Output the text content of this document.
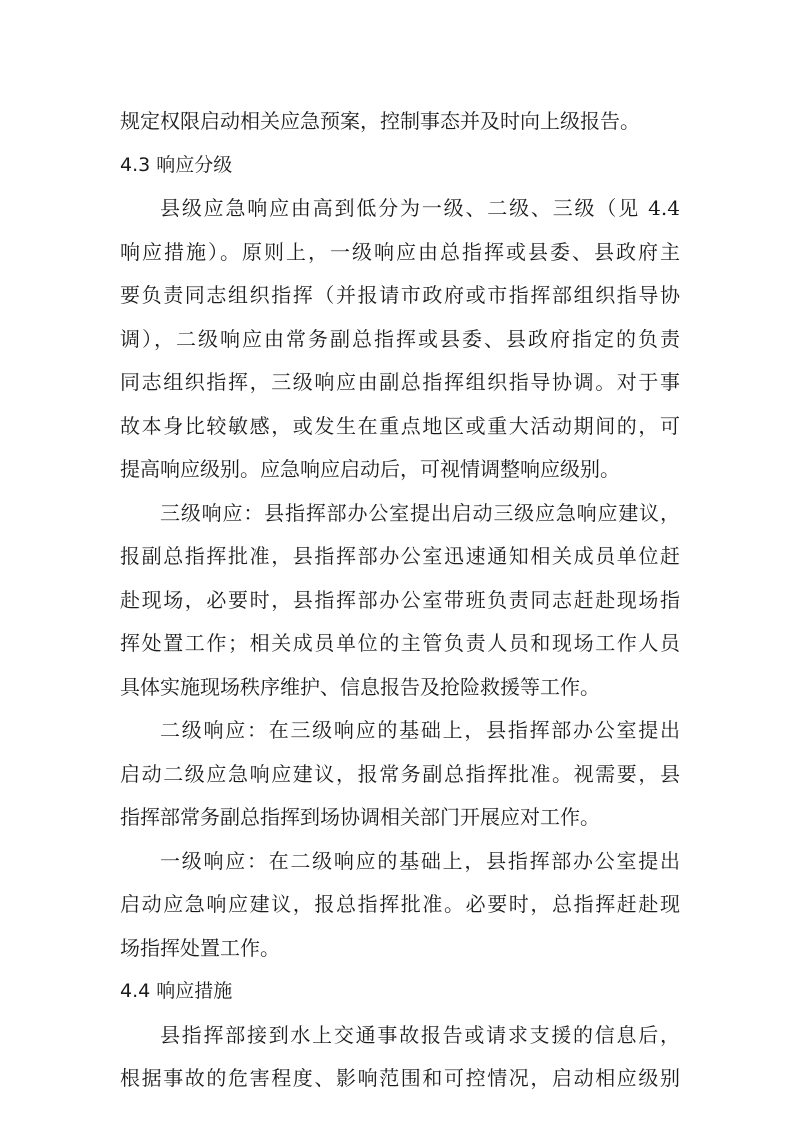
规定权限启动相关应急预案，控制事态并及时向上级报告。
4.3 响应分级
县级应急响应由高到低分为一级、二级、三级（见 4.4
响应措施）。原则上，一级响应由总指挥或县委、县政府主
要负责同志组织指挥（并报请市政府或市指挥部组织指导协
调），二级响应由常务副总指挥或县委、县政府指定的负责
同志组织指挥，三级响应由副总指挥组织指导协调。对于事
故本身比较敏感，或发生在重点地区或重大活动期间的，可
提高响应级别。应急响应启动后，可视情调整响应级别。
三级响应：县指挥部办公室提出启动三级应急响应建议，
报副总指挥批准，县指挥部办公室迅速通知相关成员单位赶
赴现场，必要时，县指挥部办公室带班负责同志赶赴现场指
挥处置工作；相关成员单位的主管负责人员和现场工作人员
具体实施现场秩序维护、信息报告及抢险救援等工作。
二级响应：在三级响应的基础上，县指挥部办公室提出
启动二级应急响应建议，报常务副总指挥批准。视需要，县
指挥部常务副总指挥到场协调相关部门开展应对工作。
一级响应：在二级响应的基础上，县指挥部办公室提出
启动应急响应建议，报总指挥批准。必要时，总指挥赶赴现
场指挥处置工作。
4.4 响应措施
县指挥部接到水上交通事故报告或请求支援的信息后，
根据事故的危害程度、影响范围和可控情况，启动相应级别
